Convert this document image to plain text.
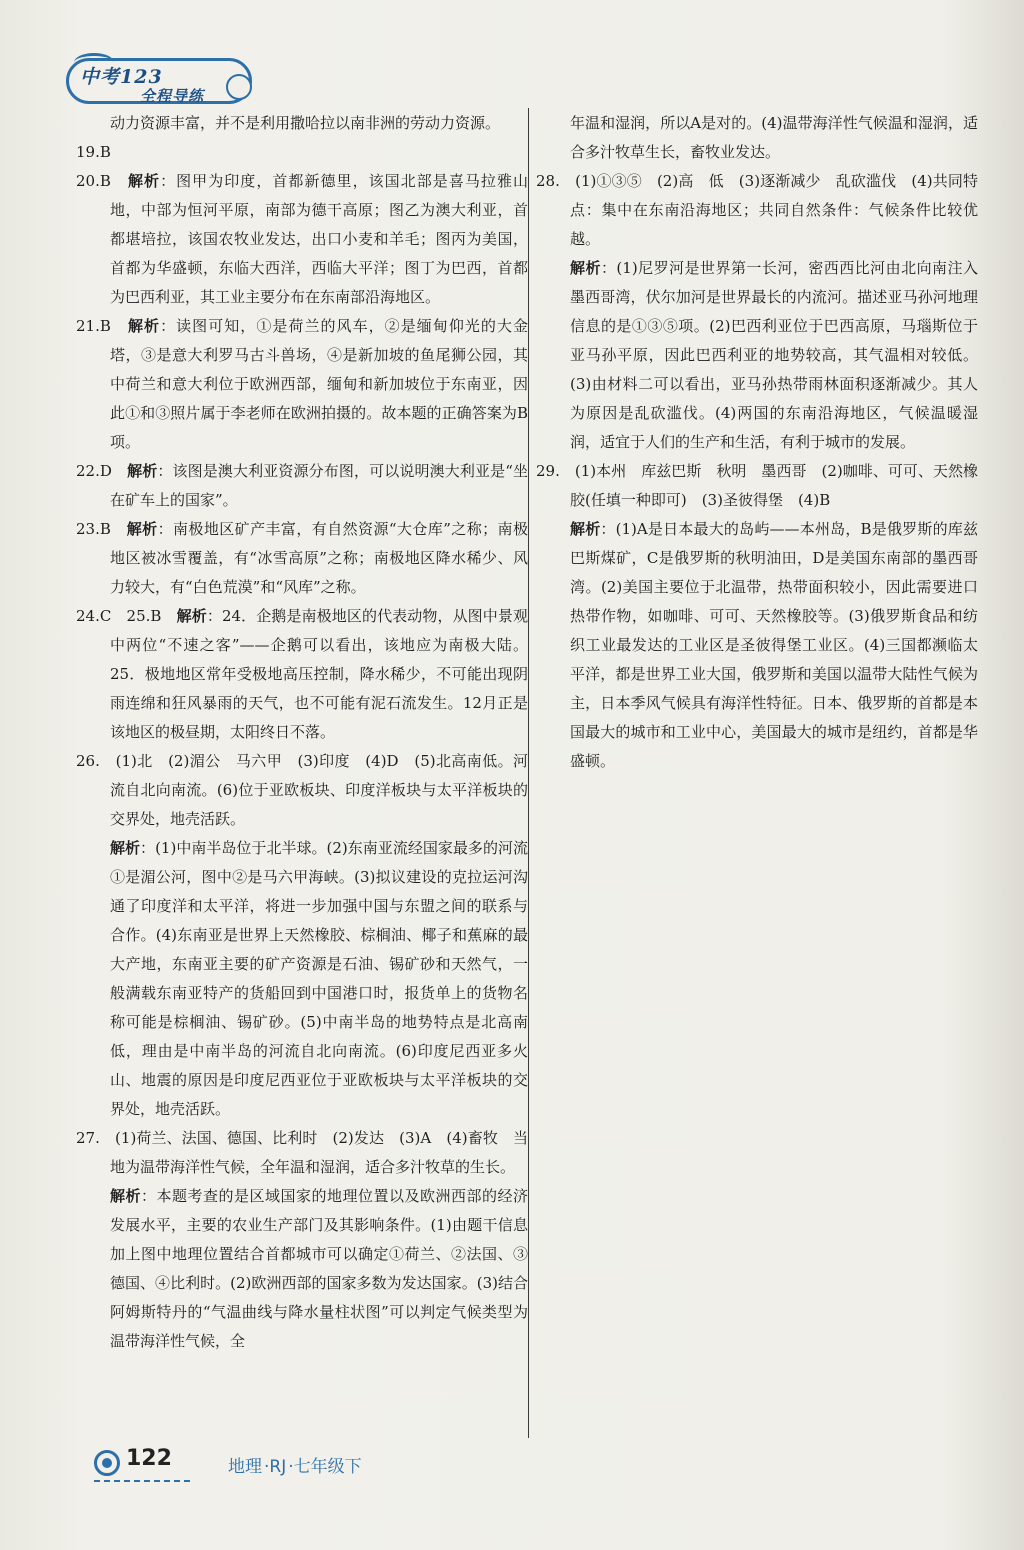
中考123
全程导练

动力资源丰富，并不是利用撒哈拉以南非洲的劳动力资源。

19.B

20.B　 解析：图甲为印度，首都新德里，该国北部是喜马拉雅山地，中部为恒河平原，南部为德干高原；图乙为澳大利亚，首都堪培拉，该国农牧业发达，出口小麦和羊毛；图丙为美国，首都为华盛顿，东临大西洋，西临大平洋；图丁为巴西，首都为巴西利亚，其工业主要分布在东南部沿海地区。

21.B　 解析：读图可知，①是荷兰的风车，②是缅甸仰光的大金塔，③是意大利罗马古斗兽场，④是新加坡的鱼尾狮公园，其中荷兰和意大利位于欧洲西部，缅甸和新加坡位于东南亚，因此①和③照片属于李老师在欧洲拍摄的。故本题的正确答案为B项。

22.D　 解析：该图是澳大利亚资源分布图，可以说明澳大利亚是“坐在矿车上的国家”。

23.B　 解析：南极地区矿产丰富，有自然资源“大仓库”之称；南极地区被冰雪覆盖，有“冰雪高原”之称；南极地区降水稀少、风力较大，有“白色荒漠”和“风库”之称。

24.C　25.B　 解析：24．企鹅是南极地区的代表动物，从图中景观中两位“不速之客”——企鹅可以看出，该地应为南极大陆。25．极地地区常年受极地高压控制，降水稀少，不可能出现阴雨连绵和狂风暴雨的天气，也不可能有泥石流发生。12月正是该地区的极昼期，太阳终日不落。

26.　 (1)北　(2)湄公　马六甲　(3)印度　(4)D　(5)北高南低。河流自北向南流。(6)位于亚欧板块、印度洋板块与太平洋板块的交界处，地壳活跃。

解析：(1)中南半岛位于北半球。(2)东南亚流经国家最多的河流①是湄公河，图中②是马六甲海峡。(3)拟议建设的克拉运河沟通了印度洋和太平洋，将进一步加强中国与东盟之间的联系与合作。(4)东南亚是世界上天然橡胶、棕榈油、椰子和蕉麻的最大产地，东南亚主要的矿产资源是石油、锡矿砂和天然气，一般满载东南亚特产的货船回到中国港口时，报货单上的货物名称可能是棕榈油、锡矿砂。(5)中南半岛的地势特点是北高南低，理由是中南半岛的河流自北向南流。(6)印度尼西亚多火山、地震的原因是印度尼西亚位于亚欧板块与太平洋板块的交界处，地壳活跃。

27.　 (1)荷兰、法国、德国、比利时　(2)发达　(3)A　(4)畜牧　当地为温带海洋性气候，全年温和湿润，适合多汁牧草的生长。

解析：本题考查的是区域国家的地理位置以及欧洲西部的经济发展水平，主要的农业生产部门及其影响条件。(1)由题干信息加上图中地理位置结合首都城市可以确定①荷兰、②法国、③德国、④比利时。(2)欧洲西部的国家多数为发达国家。(3)结合阿姆斯特丹的“气温曲线与降水量柱状图”可以判定气候类型为温带海洋性气候，全

年温和湿润，所以A是对的。(4)温带海洋性气候温和湿润，适合多汁牧草生长，畜牧业发达。

28.　 (1)①③⑤　(2)高　低　(3)逐渐减少　乱砍滥伐　(4)共同特点：集中在东南沿海地区；共同自然条件：气候条件比较优越。

解析：(1)尼罗河是世界第一长河，密西西比河由北向南注入墨西哥湾，伏尔加河是世界最长的内流河。描述亚马孙河地理信息的是①③⑤项。(2)巴西利亚位于巴西高原，马瑙斯位于亚马孙平原，因此巴西利亚的地势较高，其气温相对较低。(3)由材料二可以看出，亚马孙热带雨林面积逐渐减少。其人为原因是乱砍滥伐。(4)两国的东南沿海地区，气候温暖湿润，适宜于人们的生产和生活，有利于城市的发展。

29.　 (1)本州　库兹巴斯　秋明　墨西哥　(2)咖啡、可可、天然橡胶(任填一种即可)　(3)圣彼得堡　(4)B

解析：(1)A是日本最大的岛屿——本州岛，B是俄罗斯的库兹巴斯煤矿，C是俄罗斯的秋明油田，D是美国东南部的墨西哥湾。(2)美国主要位于北温带，热带面积较小，因此需要进口热带作物，如咖啡、可可、天然橡胶等。(3)俄罗斯食品和纺织工业最发达的工业区是圣彼得堡工业区。(4)三国都濒临太平洋，都是世界工业大国，俄罗斯和美国以温带大陆性气候为主，日本季风气候具有海洋性特征。日本、俄罗斯的首都是本国最大的城市和工业中心，美国最大的城市是纽约，首都是华盛顿。

122	地理 ·RJ ·七年级下
